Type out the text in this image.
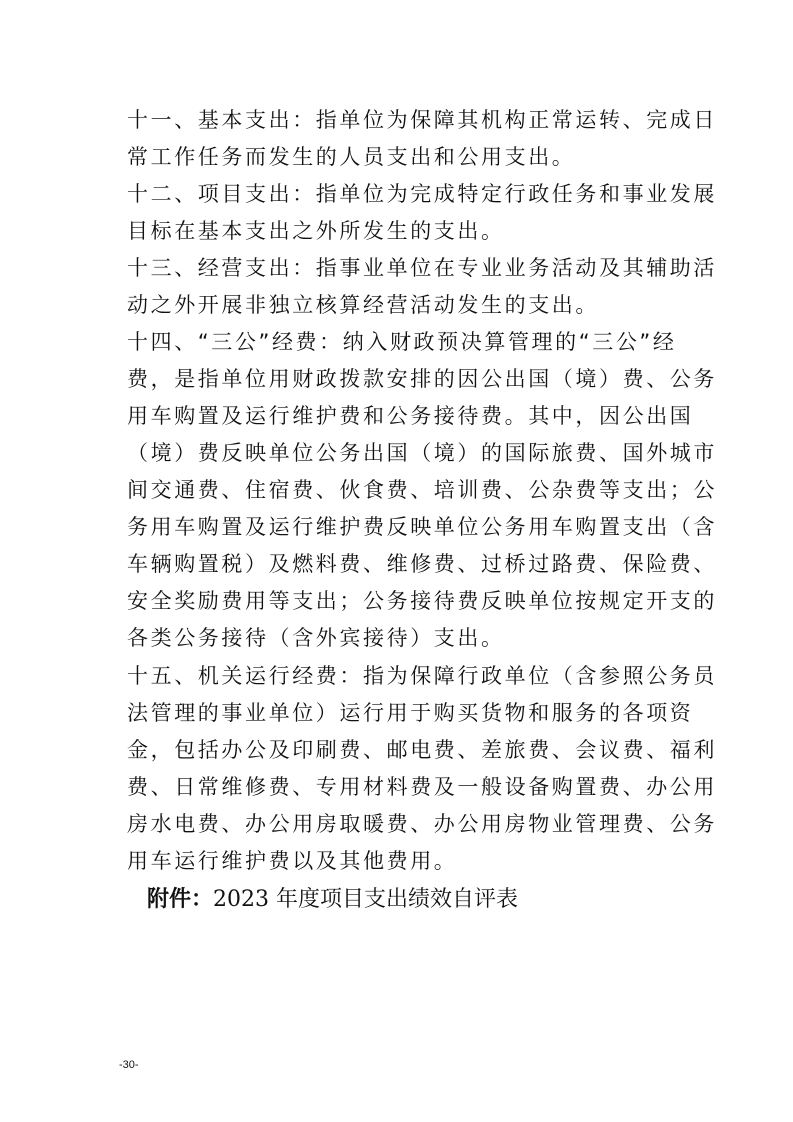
十一、基本支出：指单位为保障其机构正常运转、完成日
常工作任务而发生的人员支出和公用支出。
十二、项目支出：指单位为完成特定行政任务和事业发展
目标在基本支出之外所发生的支出。
十三、经营支出：指事业单位在专业业务活动及其辅助活
动之外开展非独立核算经营活动发生的支出。
十四、“三公”经费：纳入财政预决算管理的“三公”经
费，是指单位用财政拨款安排的因公出国（境）费、公务
用车购置及运行维护费和公务接待费。其中，因公出国
（境）费反映单位公务出国（境）的国际旅费、国外城市
间交通费、住宿费、伙食费、培训费、公杂费等支出；公
务用车购置及运行维护费反映单位公务用车购置支出（含
车辆购置税）及燃料费、维修费、过桥过路费、保险费、
安全奖励费用等支出；公务接待费反映单位按规定开支的
各类公务接待（含外宾接待）支出。
十五、机关运行经费：指为保障行政单位（含参照公务员
法管理的事业单位）运行用于购买货物和服务的各项资
金，包括办公及印刷费、邮电费、差旅费、会议费、福利
费、日常维修费、专用材料费及一般设备购置费、办公用
房水电费、办公用房取暖费、办公用房物业管理费、公务
用车运行维护费以及其他费用。
附件：2023 年度项目支出绩效自评表
-30-
